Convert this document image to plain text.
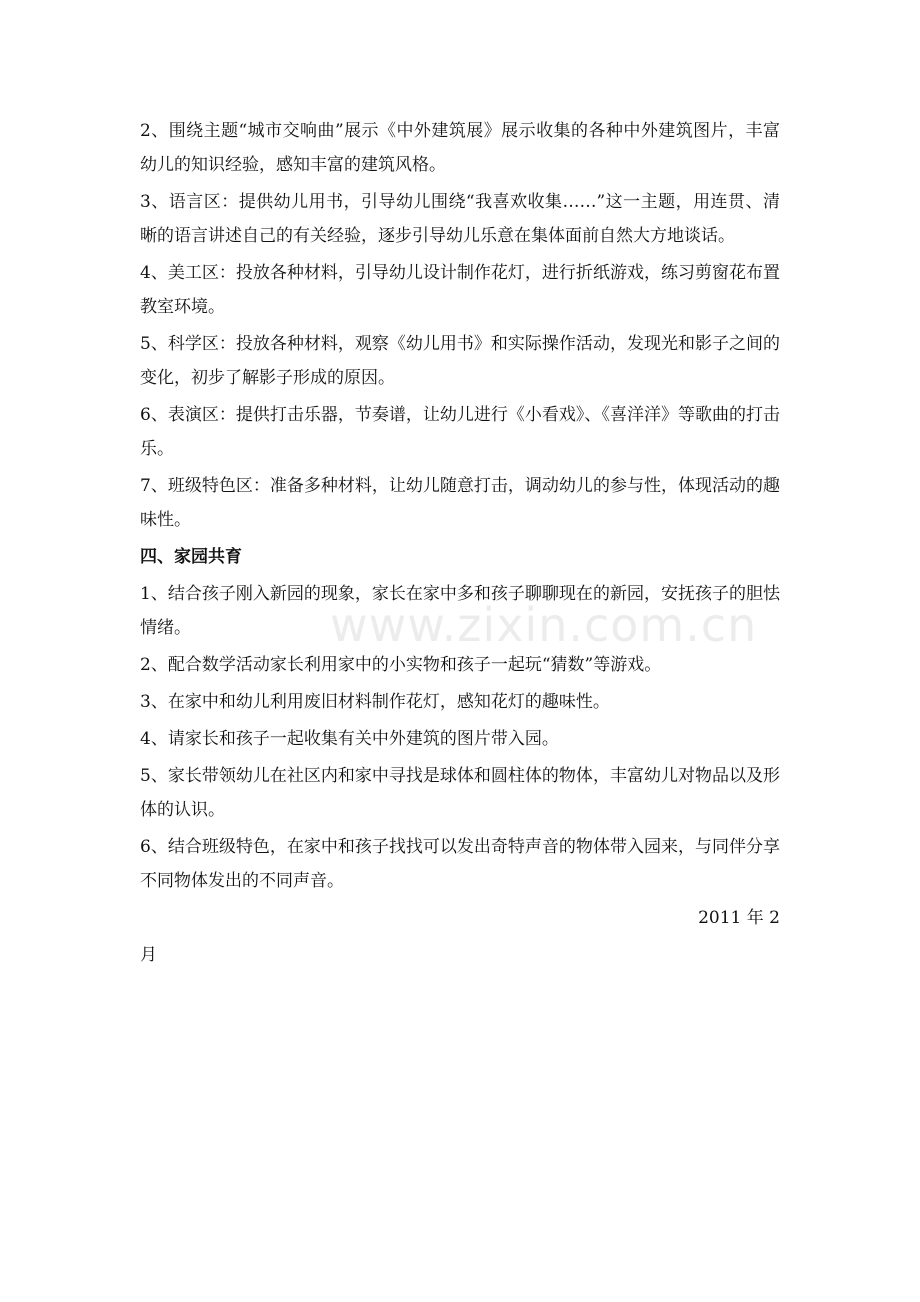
2、围绕主题“城市交响曲”展示《中外建筑展》展示收集的各种中外建筑图片，丰富幼儿的知识经验，感知丰富的建筑风格。

3、语言区：提供幼儿用书，引导幼儿围绕“我喜欢收集……”这一主题，用连贯、清晰的语言讲述自己的有关经验，逐步引导幼儿乐意在集体面前自然大方地谈话。

4、美工区：投放各种材料，引导幼儿设计制作花灯，进行折纸游戏，练习剪窗花布置教室环境。

5、科学区：投放各种材料，观察《幼儿用书》和实际操作活动，发现光和影子之间的变化，初步了解影子形成的原因。

6、表演区：提供打击乐器，节奏谱，让幼儿进行《小看戏》、《喜洋洋》等歌曲的打击乐。

7、班级特色区：准备多种材料，让幼儿随意打击，调动幼儿的参与性，体现活动的趣味性。

四、家园共育

1、结合孩子刚入新园的现象，家长在家中多和孩子聊聊现在的新园，安抚孩子的胆怯情绪。

2、配合数学活动家长利用家中的小实物和孩子一起玩“猜数”等游戏。

3、在家中和幼儿利用废旧材料制作花灯，感知花灯的趣味性。

4、请家长和孩子一起收集有关中外建筑的图片带入园。

5、家长带领幼儿在社区内和家中寻找是球体和圆柱体的物体，丰富幼儿对物品以及形体的认识。

6、结合班级特色，在家中和孩子找找可以发出奇特声音的物体带入园来，与同伴分享不同物体发出的不同声音。

2011 年 2

月

www.zixin.com.cn
